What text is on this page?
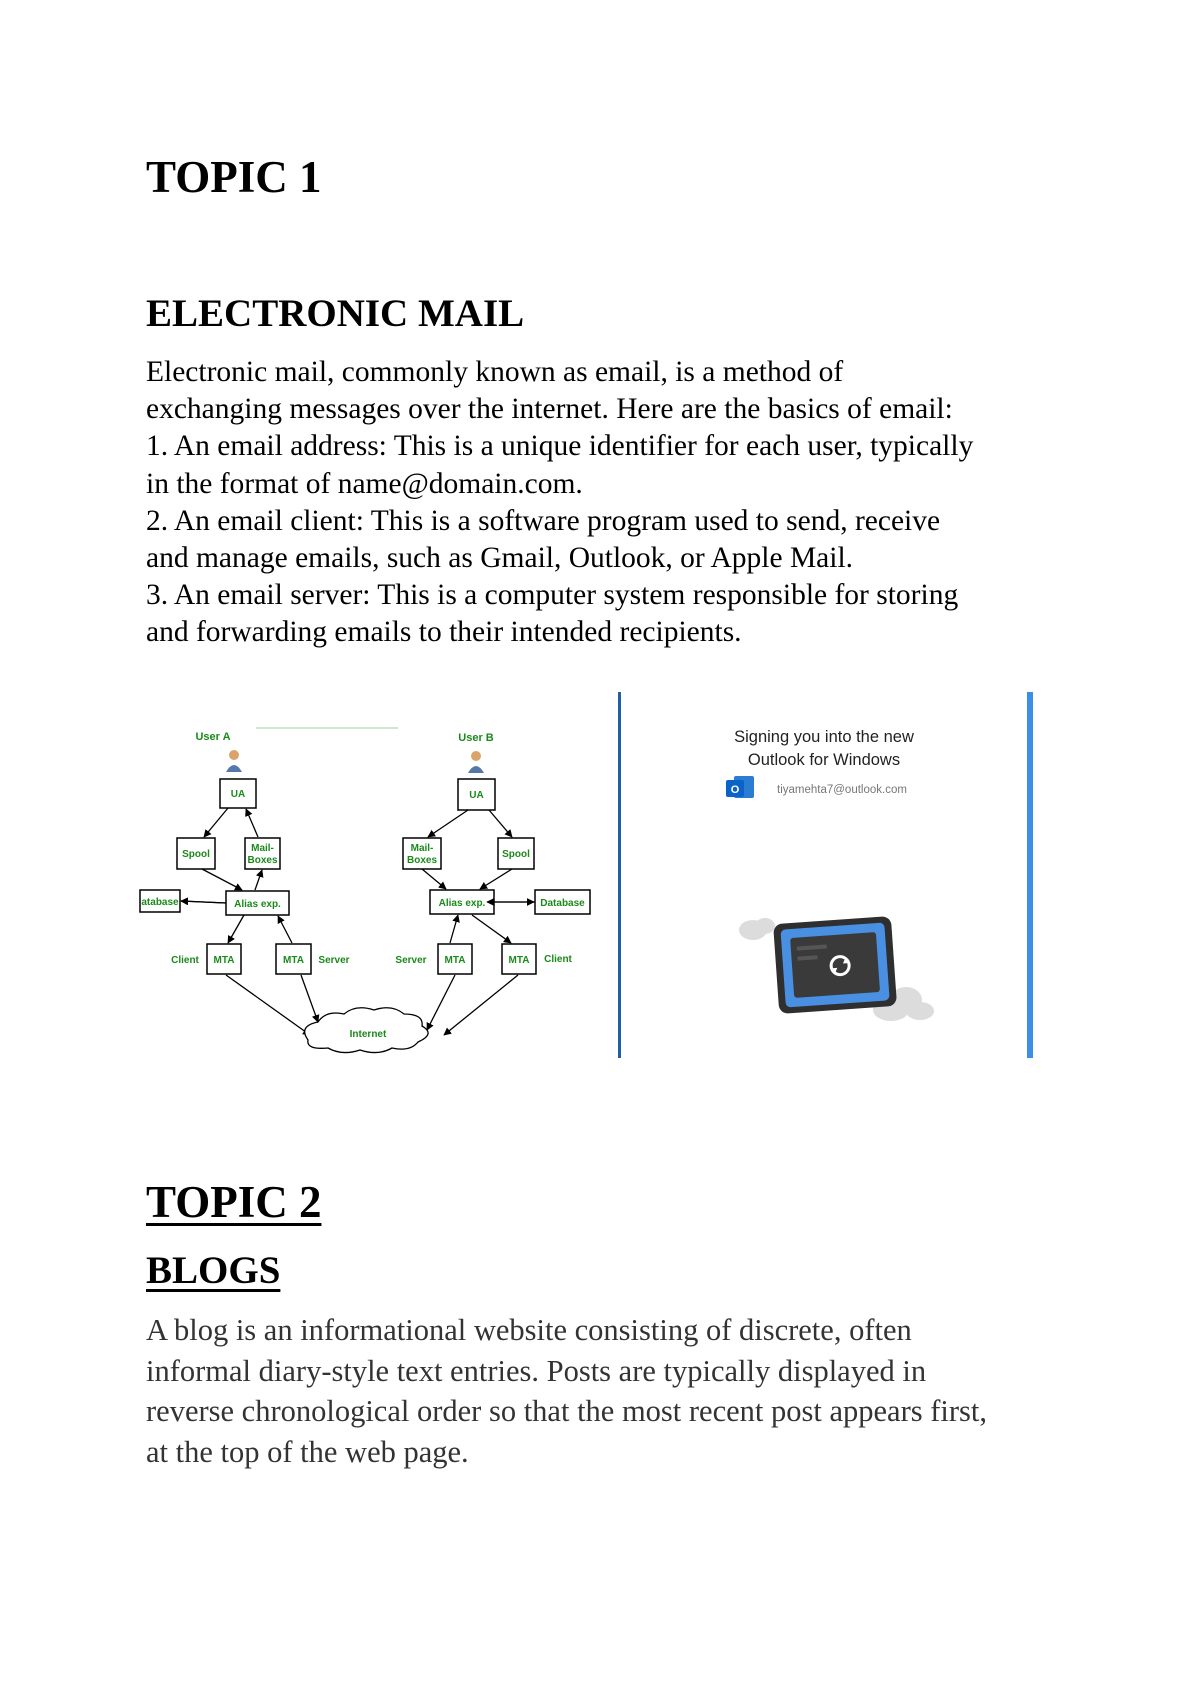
TOPIC 1
ELECTRONIC MAIL
Electronic mail, commonly known as email, is a method of
exchanging messages over the internet. Here are the basics of email:
1. An email address: This is a unique identifier for each user, typically
in the format of name@domain.com.
2. An email client: This is a software program used to send, receive
and manage emails, such as Gmail, Outlook, or Apple Mail.
3. An email server: This is a computer system responsible for storing
and forwarding emails to their intended recipients.
User A	User B
UA
Spool
Mail-
Boxes
atabase	Alias exp.
MTA	MTA
UA
Mail-
Boxes
Spool
Alias exp.	Database
MTA	MTA
Client	Server	Server	Client
Internet
Signing you into the new
Outlook for Windows
O	tiyamehta7@outlook.com
TOPIC 2
BLOGS
A blog is an informational website consisting of discrete, often
informal diary-style text entries. Posts are typically displayed in
reverse chronological order so that the most recent post appears first,
at the top of the web page.
